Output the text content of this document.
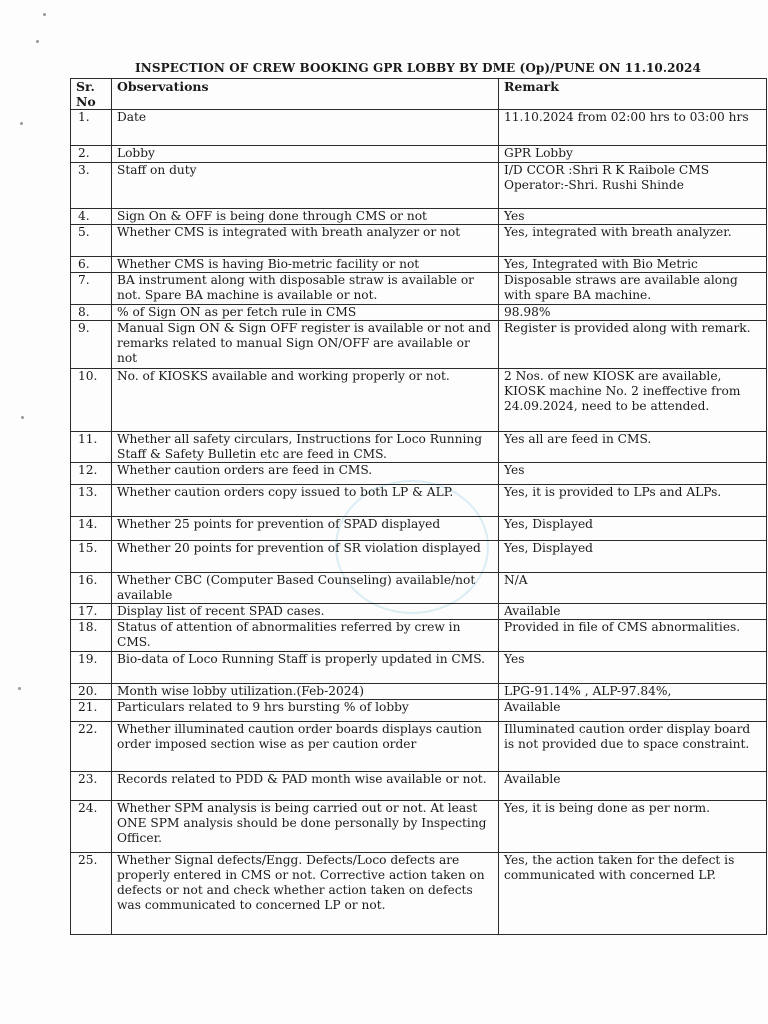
INSPECTION OF CREW BOOKING GPR LOBBY BY DME (Op)/PUNE ON 11.10.2024
Sr. No	Observations	Remark
1.	Date	11.10.2024 from 02:00 hrs to 03:00 hrs
2.	Lobby	GPR Lobby
3.	Staff on duty	I/D CCOR :Shri R K Raibole CMS Operator:-Shri. Rushi Shinde
4.	Sign On & OFF is being done through CMS or not	Yes
5.	Whether CMS is integrated with breath analyzer or not	Yes, integrated with breath analyzer.
6.	Whether CMS is having Bio-metric facility or not	Yes, Integrated with Bio Metric
7.	BA instrument along with disposable straw is available or not. Spare BA machine is available or not.	Disposable straws are available along with spare BA machine.
8.	% of Sign ON as per fetch rule in CMS	98.98%
9.	Manual Sign ON & Sign OFF register is available or not and remarks related to manual Sign ON/OFF are available or not	Register is provided along with remark.
10.	No. of KIOSKS available and working properly or not.	2 Nos. of new KIOSK are available, KIOSK machine No. 2 ineffective from 24.09.2024, need to be attended.
11.	Whether all safety circulars, Instructions for Loco Running Staff & Safety Bulletin etc are feed in CMS.	Yes all are feed in CMS.
12.	Whether caution orders are feed in CMS.	Yes
13.	Whether caution orders copy issued to both LP & ALP.	Yes, it is provided to LPs and ALPs.
14.	Whether 25 points for prevention of SPAD displayed	Yes, Displayed
15.	Whether 20 points for prevention of SR violation displayed	Yes, Displayed
16.	Whether CBC (Computer Based Counseling) available/not available	N/A
17.	Display list of recent SPAD cases.	Available
18.	Status of attention of abnormalities referred by crew in CMS.	Provided in file of CMS abnormalities.
19.	Bio-data of Loco Running Staff is properly updated in CMS.	Yes
20.	Month wise lobby utilization.(Feb-2024)	LPG-91.14% , ALP-97.84%,
21.	Particulars related to 9 hrs bursting % of lobby	Available
22.	Whether illuminated caution order boards displays caution order imposed section wise as per caution order	Illuminated caution order display board is not provided due to space constraint.
23.	Records related to PDD & PAD month wise available or not.	Available
24.	Whether SPM analysis is being carried out or not. At least ONE SPM analysis should be done personally by Inspecting Officer.	Yes, it is being done as per norm.
25.	Whether Signal defects/Engg. Defects/Loco defects are properly entered in CMS or not. Corrective action taken on defects or not and check whether action taken on defects was communicated to concerned LP or not.	Yes, the action taken for the defect is communicated with concerned LP.
